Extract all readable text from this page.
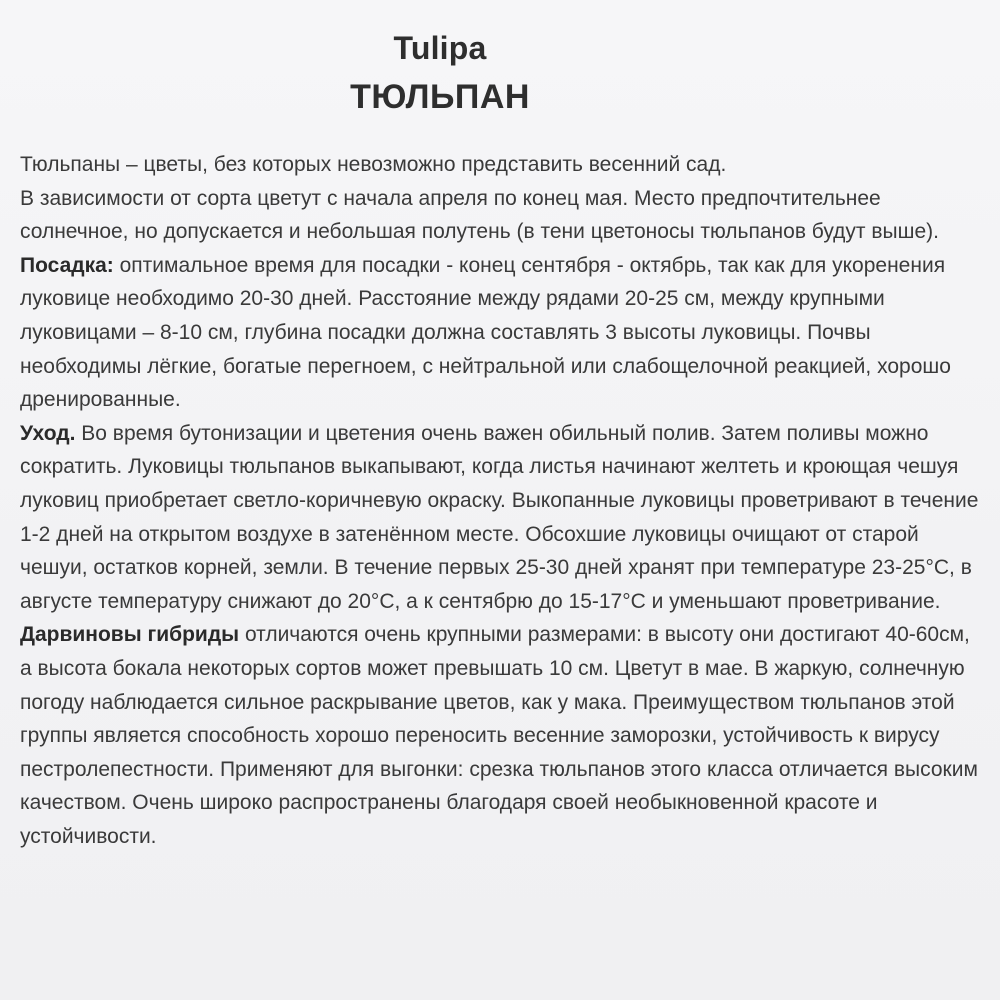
Tulipa
ТЮЛЬПАН

Тюльпаны – цветы, без которых невозможно представить весенний сад.

В зависимости от сорта цветут с начала апреля по конец мая. Место предпочтительнее солнечное, но допускается и небольшая полутень (в тени цветоносы тюльпанов будут выше).

Посадка: оптимальное время для посадки - конец сентября - октябрь, так как для укоренения луковице необходимо 20-30 дней. Расстояние между рядами 20-25 см, между крупными луковицами – 8-10 см, глубина посадки должна составлять 3 высоты луковицы. Почвы необходимы лёгкие, богатые перегноем, с нейтральной или слабощелочной реакцией, хорошо дренированные.

Уход. Во время бутонизации и цветения очень важен обильный полив. Затем поливы можно сократить. Луковицы тюльпанов выкапывают, когда листья начинают желтеть и кроющая чешуя луковиц приобретает светло-коричневую окраску. Выкопанные луковицы проветривают в течение 1-2 дней на открытом воздухе в затенённом месте. Обсохшие луковицы очищают от старой чешуи, остатков корней, земли. В течение первых 25-30 дней хранят при температуре 23-25°С, в августе температуру снижают до 20°С, а к сентябрю до 15-17°С и уменьшают проветривание.

Дарвиновы гибриды отличаются очень крупными размерами: в высоту они достигают 40-60см, а высота бокала некоторых сортов может превышать 10 см. Цветут в мае. В жаркую, солнечную погоду наблюдается сильное раскрывание цветов, как у мака. Преимуществом тюльпанов этой группы является способность хорошо переносить весенние заморозки, устойчивость к вирусу пестролепестности. Применяют для выгонки: срезка тюльпанов этого класса отличается высоким качеством. Очень широко распространены благодаря своей необыкновенной красоте и устойчивости.
